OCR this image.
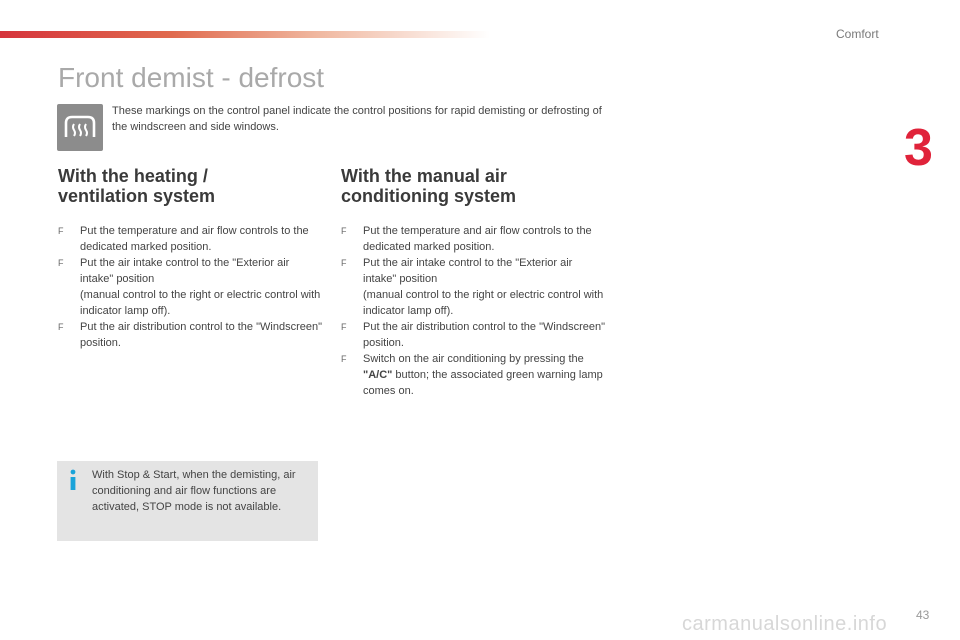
Comfort
3
Front demist - defrost

These markings on the control panel indicate the control positions for rapid demisting or defrosting of the windscreen and side windows.

With the heating /
ventilation system
F Put the temperature and air flow controls to the dedicated marked position.
F Put the air intake control to the "Exterior air intake" position
(manual control to the right or electric control with indicator lamp off).
F Put the air distribution control to the "Windscreen" position.
With the manual air
conditioning system
F Put the temperature and air flow controls to the dedicated marked position.
F Put the air intake control to the "Exterior air intake" position
(manual control to the right or electric control with indicator lamp off).
F Put the air distribution control to the "Windscreen" position.
F Switch on the air conditioning by pressing the "A/C" button; the associated green warning lamp comes on.

With Stop & Start, when the demisting, air conditioning and air flow functions are activated, STOP mode is not available.

carmanualsonline.info 43
